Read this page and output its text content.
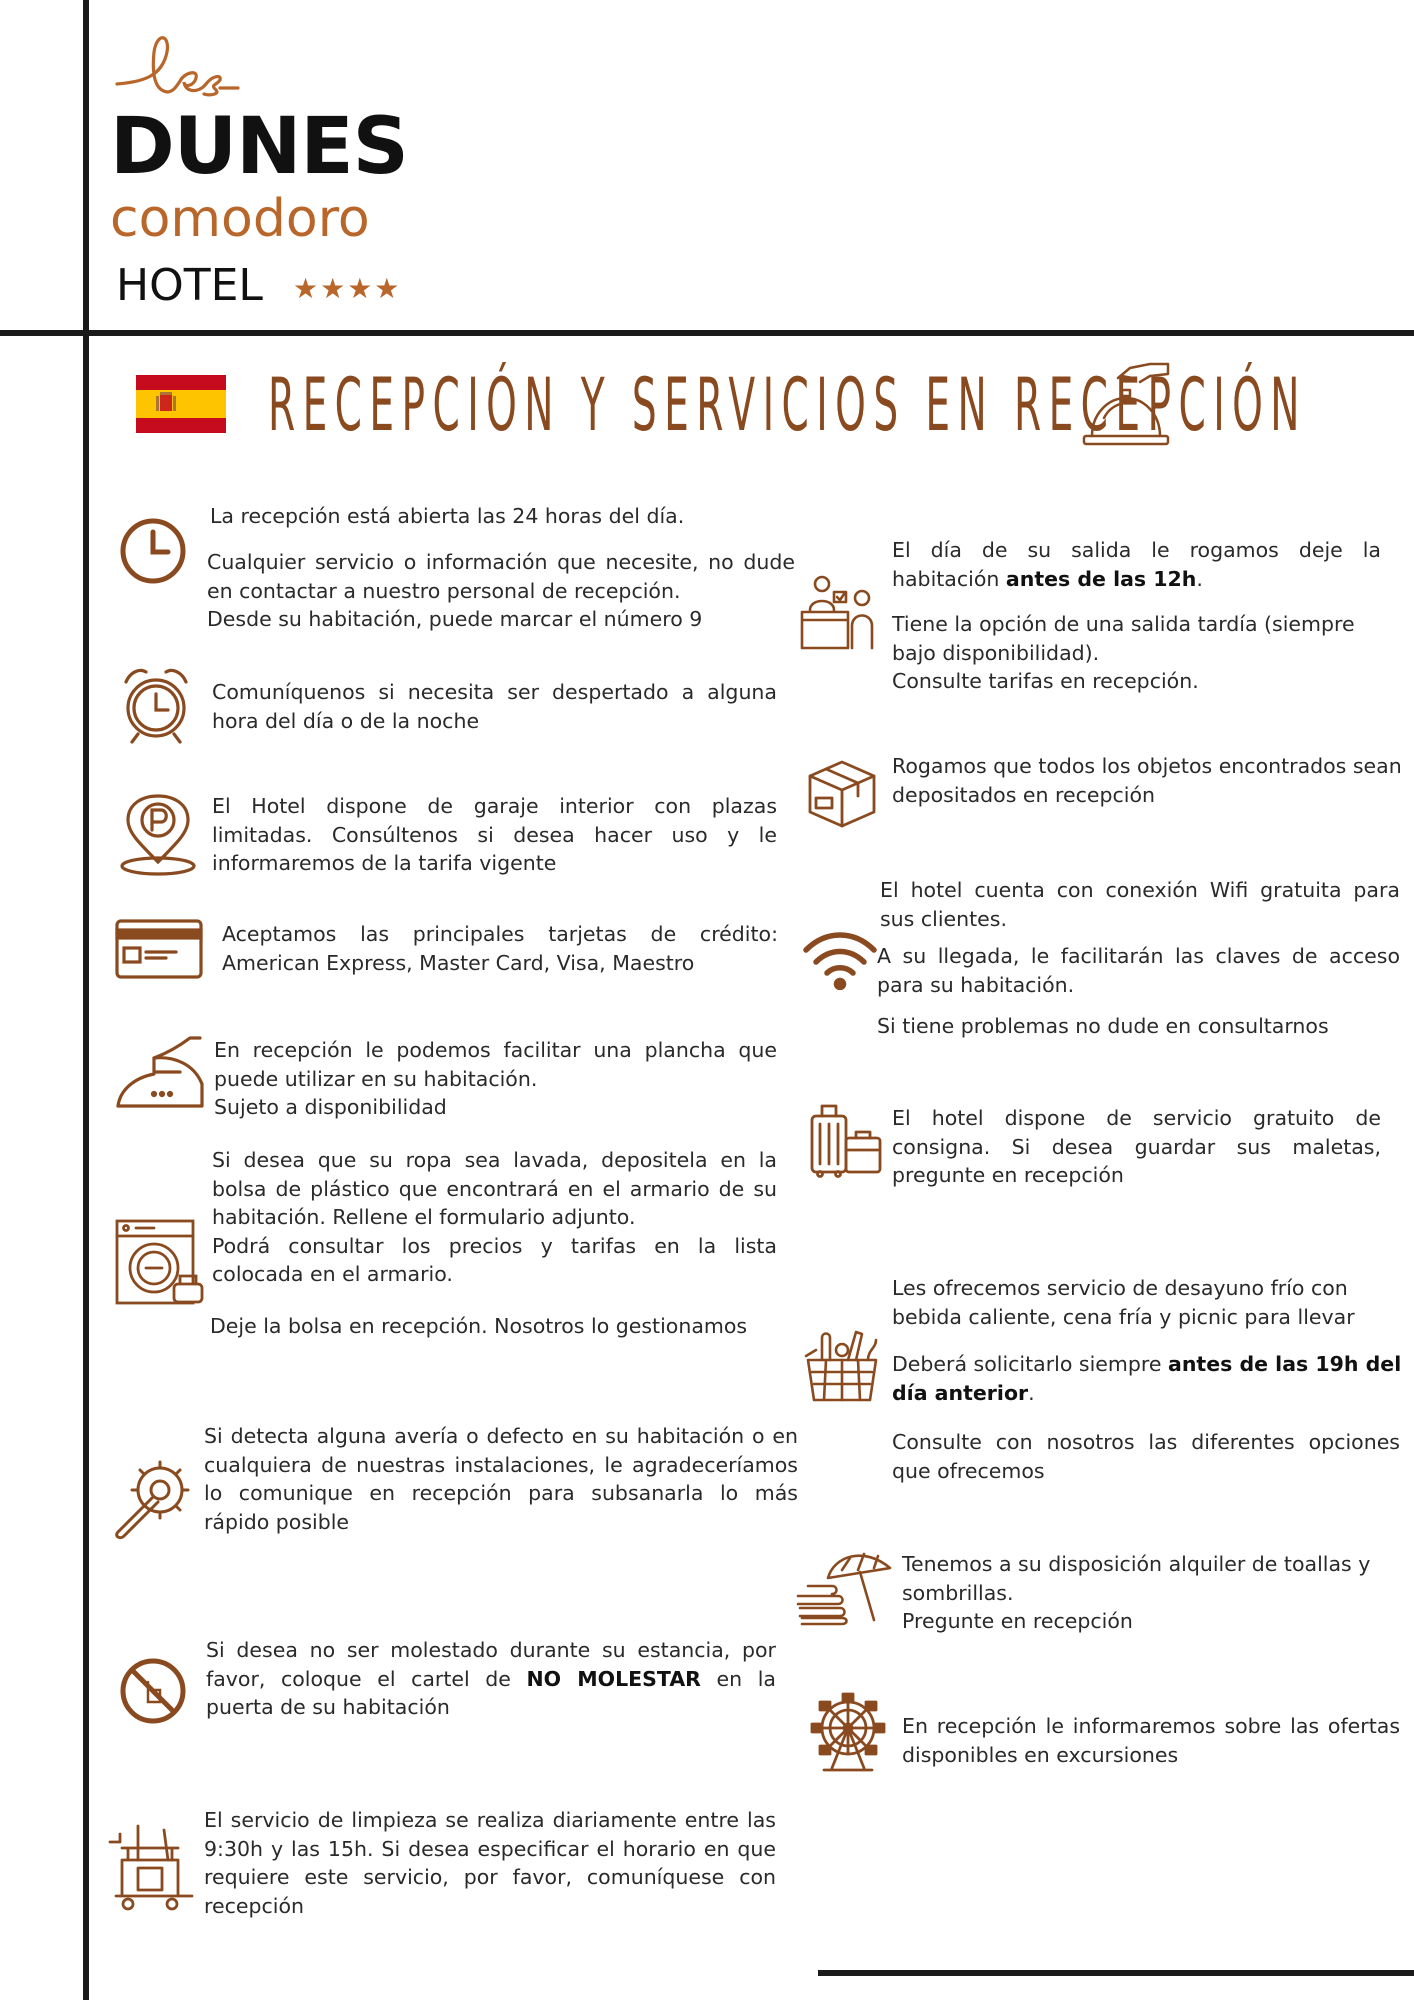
DUNES
comodoro
HOTEL ★★★★
RECEPCIÓN Y SERVICIOS EN RECEPCIÓN
La recepción está abierta las 24 horas del día.

Cualquier servicio o información que necesite, no dude en contactar a nuestro personal de recepción.

Desde su habitación, puede marcar el número 9

Comuníquenos si necesita ser despertado a alguna hora del día o de la noche
El Hotel dispone de garaje interior con plazas limitadas. Consúltenos si desea hacer uso y le informaremos de la tarifa vigente
Aceptamos las principales tarjetas de crédito: American Express, Master Card, Visa, Maestro

En recepción le podemos facilitar una plancha que puede utilizar en su habitación.

Sujeto a disponibilidad

Si desea que su ropa sea lavada, depositela en la bolsa de plástico que encontrará en el armario de su habitación. Rellene el formulario adjunto.

Podrá consultar los precios y tarifas en la lista colocada en el armario.

Deje la bolsa en recepción. Nosotros lo gestionamos
Si detecta alguna avería o defecto en su habitación o en cualquiera de nuestras instalaciones, le agradeceríamos lo comunique en recepción para subsanarla lo más rápido posible
Si desea no ser molestado durante su estancia, por favor, coloque el cartel de NO MOLESTAR en la puerta de su habitación
El servicio de limpieza se realiza diariamente entre las 9:30h y las 15h. Si desea especificar el horario en que requiere este servicio, por favor, comuníquese con recepción
El día de su salida le rogamos deje la habitación antes de las 12h.

Tiene la opción de una salida tardía (siempre bajo disponibilidad).

Consulte tarifas en recepción.

Rogamos que todos los objetos encontrados sean depositados en recepción
El hotel cuenta con conexión Wifi gratuita para sus clientes.
A su llegada, le facilitarán las claves de acceso para su habitación.
Si tiene problemas no dude en consultarnos
El hotel dispone de servicio gratuito de consigna. Si desea guardar sus maletas, pregunte en recepción
Les ofrecemos servicio de desayuno frío con bebida caliente, cena fría y picnic para llevar
Deberá solicitarlo siempre antes de las 19h del día anterior.
Consulte con nosotros las diferentes opciones que ofrecemos

Tenemos a su disposición alquiler de toallas y sombrillas.

Pregunte en recepción

En recepción le informaremos sobre las ofertas disponibles en excursiones
